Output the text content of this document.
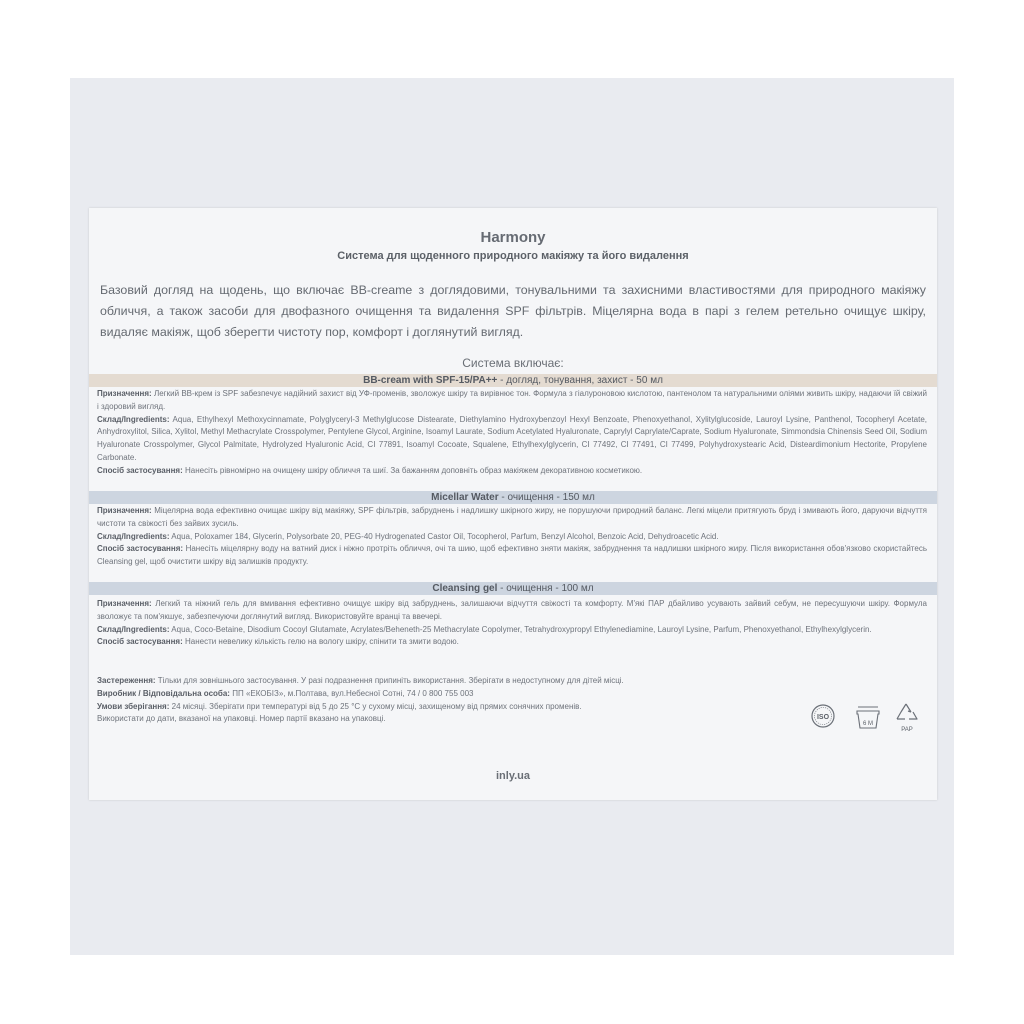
Harmony
Система для щоденного природного макіяжу та його видалення
Базовий догляд на щодень, що включає ВВ-creame з доглядовими, тонувальними та захисними властивостями для природного макіяжу обличчя, а також засоби для двофазного очищення та видалення SPF фільтрів. Міцелярна вода в парі з гелем ретельно очищує шкіру, видаляє макіяж, щоб зберегти чистоту пор, комфорт і доглянутий вигляд.
Система включає:
BB-cream with SPF-15/PA++ - догляд, тонування, захист - 50 мл

Призначення: Легкий ВВ-крем із SPF забезпечує надійний захист від УФ-променів, зволожує шкіру та вирівнює тон. Формула з гіалуроновою кислотою, пантенолом та натуральними оліями живить шкіру, надаючи їй свіжий і здоровий вигляд.

Склад/Ingredients: Aqua, Ethylhexyl Methoxycinnamate, Polyglyceryl-3 Methylglucose Distearate, Diethylamino Hydroxybenzoyl Hexyl Benzoate, Phenoxyethanol, Xylitylglucoside, Lauroyl Lysine, Panthenol, Tocopheryl Acetate, Anhydroxylitol, Silica, Xylitol, Methyl Methacrylate Crosspolymer, Pentylene Glycol, Arginine, Isoamyl Laurate, Sodium Acetylated Hyaluronate, Caprylyl Caprylate/Caprate, Sodium Hyaluronate, Simmondsia Chinensis Seed Oil, Sodium Hyaluronate Crosspolymer, Glycol Palmitate, Hydrolyzed Hyaluronic Acid, CI 77891, Isoamyl Cocoate, Squalene, Ethylhexylglycerin, CI 77492, CI 77491, CI 77499, Polyhydroxystearic Acid, Disteardimonium Hectorite, Propylene Carbonate.

Спосіб застосування: Нанесіть рівномірно на очищену шкіру обличчя та шиї. За бажанням доповніть образ макіяжем декоративною косметикою.

Micellar Water - очищення - 150 мл

Призначення: Міцелярна вода ефективно очищає шкіру від макіяжу, SPF фільтрів, забруднень і надлишку шкірного жиру, не порушуючи природний баланс. Легкі міцели притягують бруд і змивають його, даруючи відчуття чистоти та свіжості без зайвих зусиль.

Склад/Ingredients: Aqua, Poloxamer 184, Glycerin, Polysorbate 20, PEG-40 Hydrogenated Castor Oil, Tocopherol, Parfum, Benzyl Alcohol, Benzoic Acid, Dehydroacetic Acid.

Спосіб застосування: Нанесіть міцелярну воду на ватний диск і ніжно протріть обличчя, очі та шию, щоб ефективно зняти макіяж, забруднення та надлишки шкірного жиру. Після використання обов'язково скористайтесь Cleansing gel, щоб очистити шкіру від залишків продукту.

Cleansing gel - очищення - 100 мл

Призначення: Легкий та ніжний гель для вмивання ефективно очищує шкіру від забруднень, залишаючи відчуття свіжості та комфорту. М'які ПАР дбайливо усувають зайвий себум, не пересушуючи шкіру. Формула зволожує та пом'якшує, забезпечуючи доглянутий вигляд. Використовуйте вранці та ввечері.

Склад/Ingredients: Aqua, Coco-Betaine, Disodium Cocoyl Glutamate, Acrylates/Beheneth-25 Methacrylate Copolymer, Tetrahydroxypropyl Ethylenediamine, Lauroyl Lysine, Parfum, Phenoxyethanol, Ethylhexylglycerin.

Спосіб застосування: Нанести невелику кількість гелю на вологу шкіру, спінити та змити водою.

Застереження: Тільки для зовнішнього застосування. У разі подразнення припиніть використання. Зберігати в недоступному для дітей місці.

Виробник / Відповідальна особа: ПП «ЕКОБІЗ», м.Полтава, вул.Небесної Сотні, 74 / 0 800 755 003

Умови зберігання: 24 місяці. Зберігати при температурі від 5 до 25 °С у сухому місці, захищеному від прямих сонячних променів.

Використати до дати, вказаної на упаковці. Номер партії вказано на упаковці.	ISO
6 M
PAP
inly.ua
